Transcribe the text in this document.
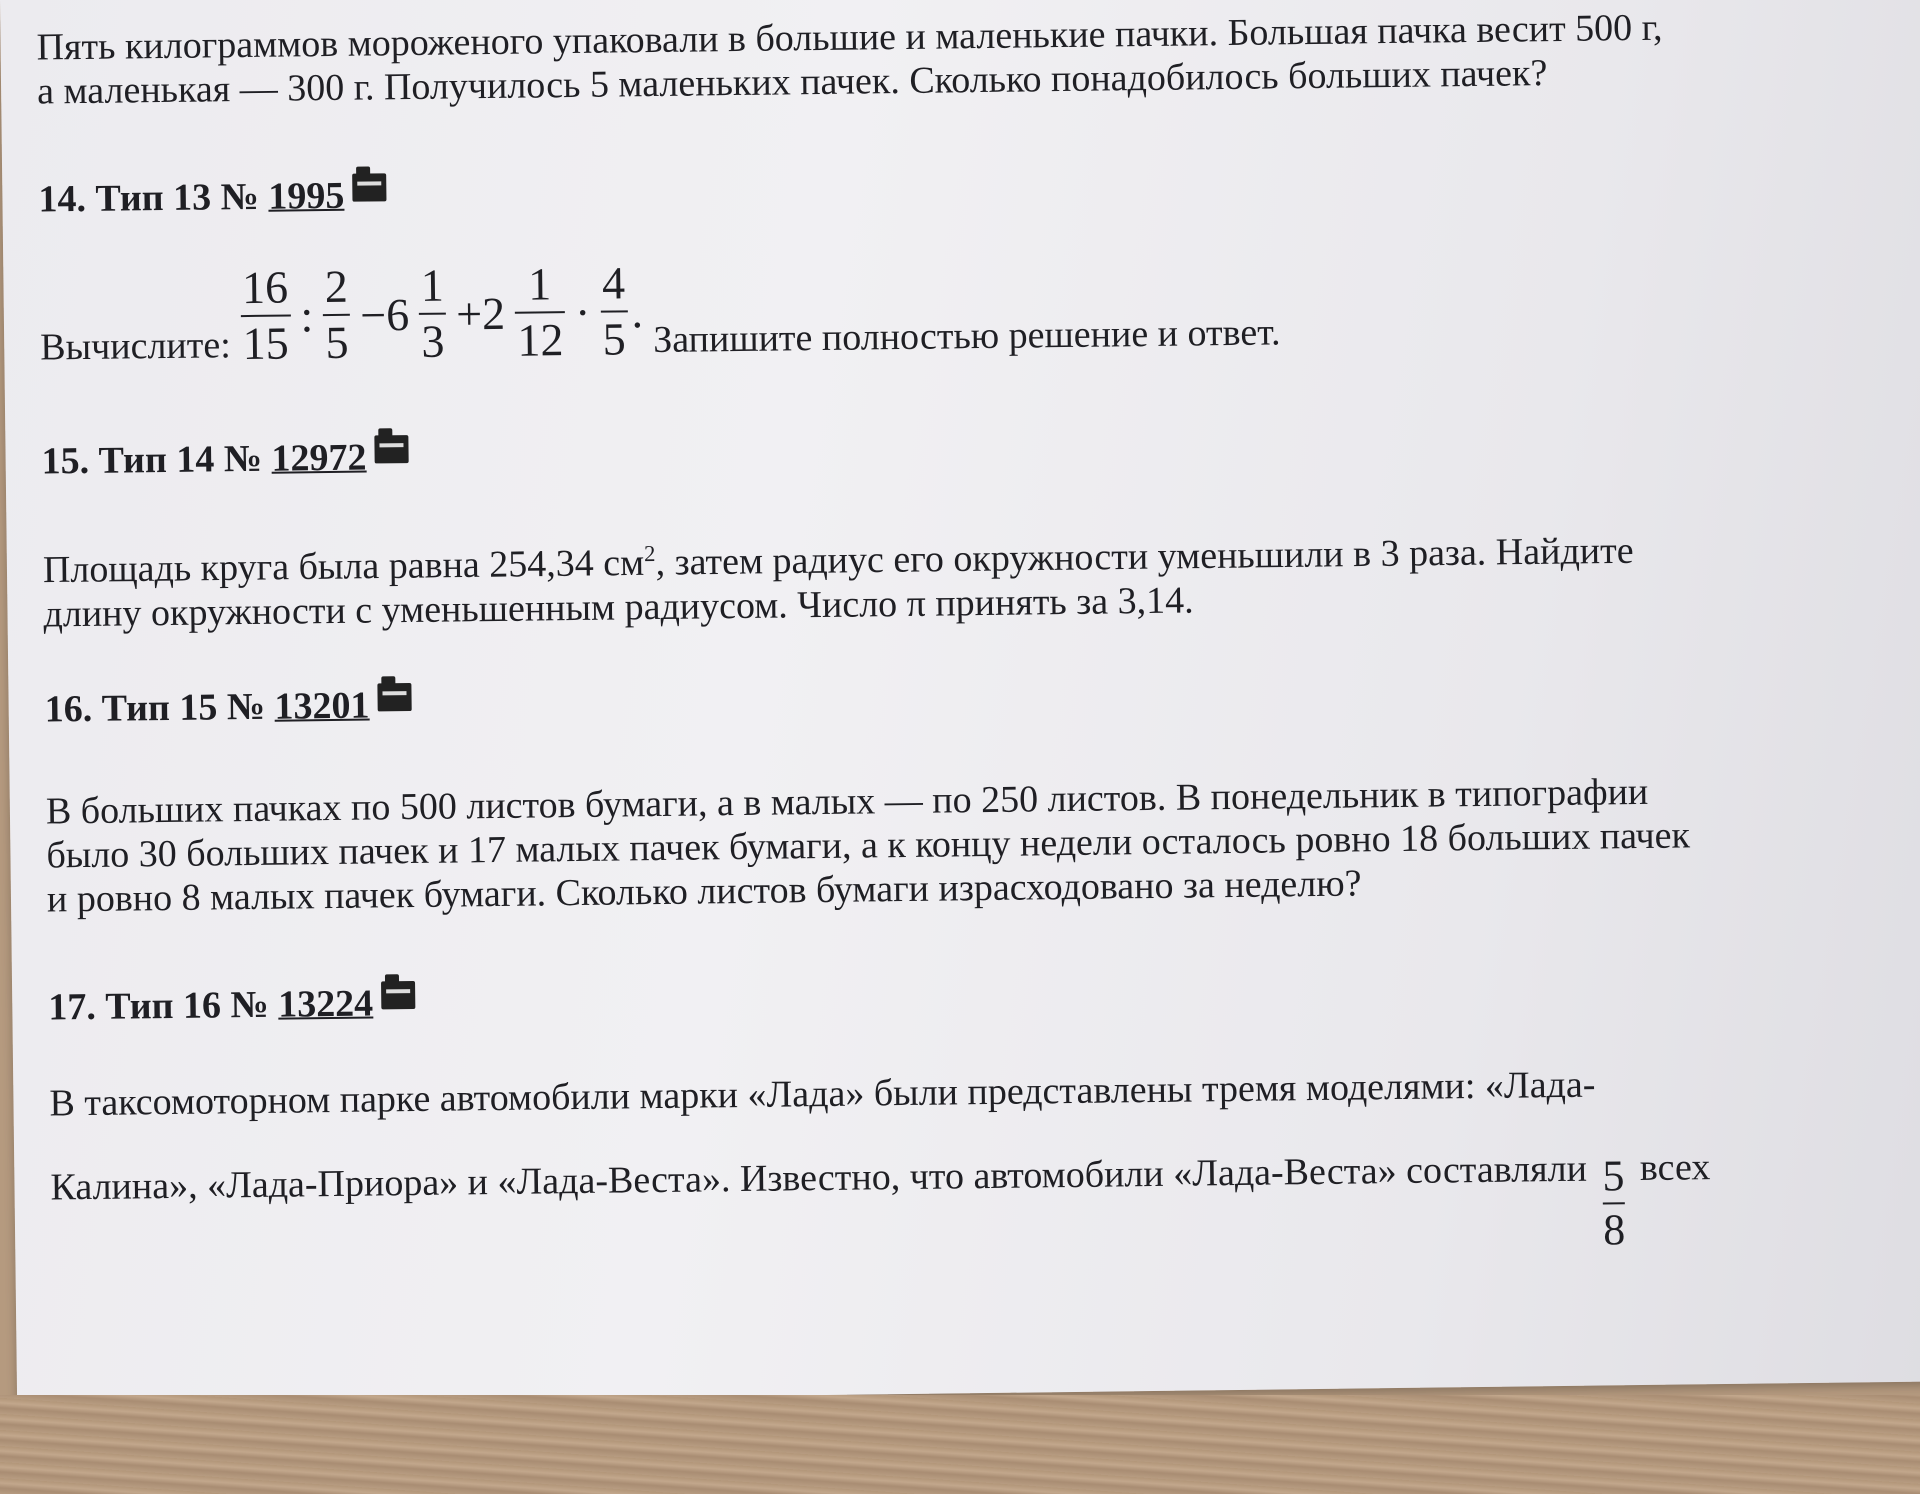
Пять килограммов мороженого упаковали в большие и маленькие пачки. Большая пачка весит 500 г,

а маленькая — 300 г. Получилось 5 маленьких пачек. Сколько понадобилось больших пачек?

14. Тип 13 № 1995

Вычислите: $\frac{16}{15}$ : $\frac{2}{5} -6 \frac{1}{3} +2 \frac{1}{12} \cdot \frac{4}{5}$ . Запишите полностью решение и ответ.

15. Тип 14 № 12972

Площадь круга была равна 254,34 $см^2$, затем радиус его окружности уменьшили в 3 раза. Найдите

длину окружности с уменьшенным радиусом. Число π принять за 3,14.

16. Тип 15 № 13201

В больших пачках по 500 листов бумаги, а в малых — по 250 листов. В понедельник в типографии

было 30 больших пачек и 17 малых пачек бумаги, а к концу недели осталось ровно 18 больших пачек

и ровно 8 малых пачек бумаги. Сколько листов бумаги израсходовано за неделю?

17. Тип 16 № 13224

В таксомоторном парке автомобили марки «Лада» были представлены тремя моделями: «Лада-

Калина», «Лада-Приора» и «Лада-Веста». Известно, что автомобили «Лада-Веста» составляли $\frac{5}{8}$ всех
